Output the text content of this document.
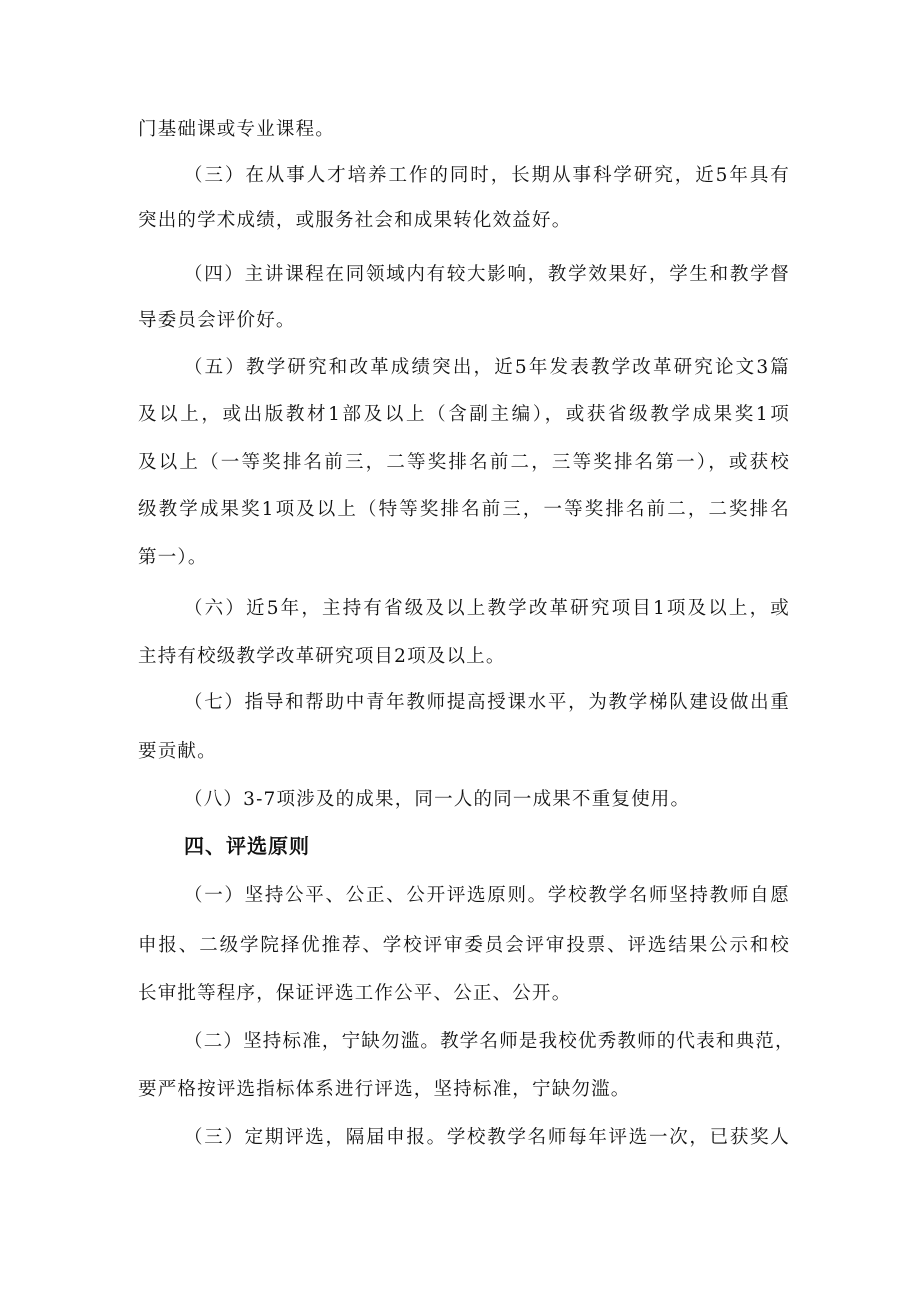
门基础课或专业课程。
（三）在从事人才培养工作的同时，长期从事科学研究，近5年具有
突出的学术成绩，或服务社会和成果转化效益好。
（四）主讲课程在同领域内有较大影响，教学效果好，学生和教学督
导委员会评价好。
（五）教学研究和改革成绩突出，近5年发表教学改革研究论文3篇
及以上，或出版教材1部及以上（含副主编），或获省级教学成果奖1项
及以上（一等奖排名前三，二等奖排名前二，三等奖排名第一），或获校
级教学成果奖1项及以上（特等奖排名前三，一等奖排名前二，二奖排名
第一）。
（六）近5年，主持有省级及以上教学改革研究项目1项及以上，或
主持有校级教学改革研究项目2项及以上。
（七）指导和帮助中青年教师提高授课水平，为教学梯队建设做出重
要贡献。
（八）3-7项涉及的成果，同一人的同一成果不重复使用。
四、评选原则
（一）坚持公平、公正、公开评选原则。学校教学名师坚持教师自愿
申报、二级学院择优推荐、学校评审委员会评审投票、评选结果公示和校
长审批等程序，保证评选工作公平、公正、公开。
（二）坚持标准，宁缺勿滥。教学名师是我校优秀教师的代表和典范，
要严格按评选指标体系进行评选，坚持标准，宁缺勿滥。
（三）定期评选，隔届申报。学校教学名师每年评选一次，已获奖人
